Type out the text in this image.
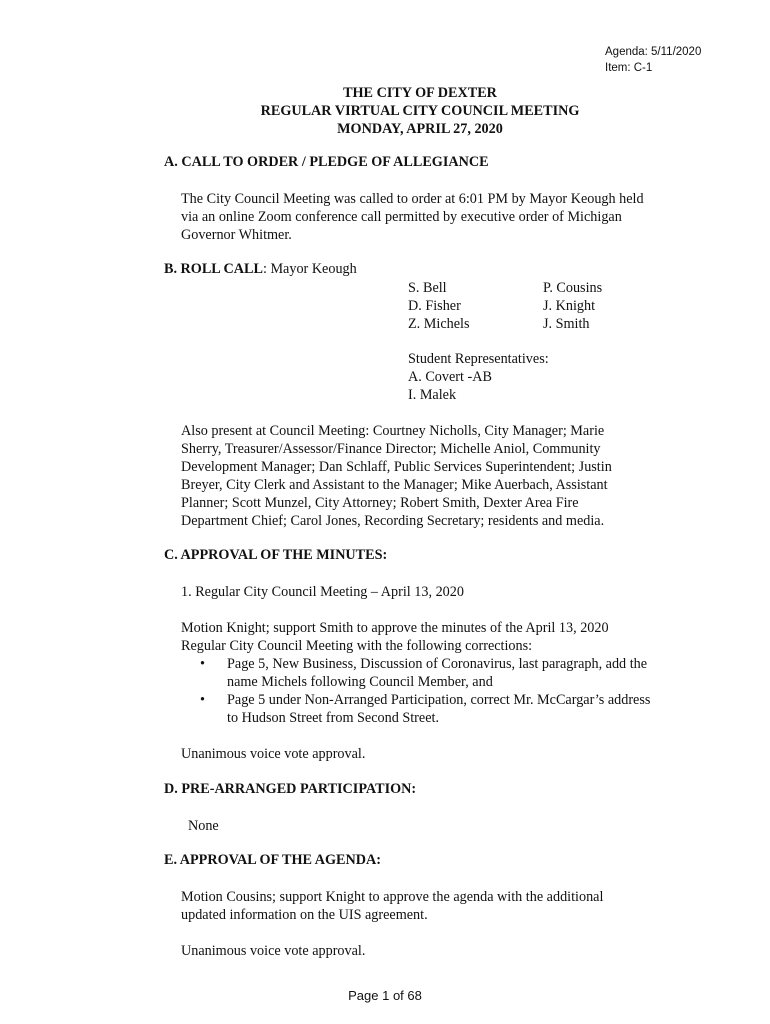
Agenda: 5/11/2020
Item: C-1
THE CITY OF DEXTER
REGULAR VIRTUAL CITY COUNCIL MEETING
MONDAY, APRIL 27, 2020
A. CALL TO ORDER / PLEDGE OF ALLEGIANCE
The City Council Meeting was called to order at 6:01 PM by Mayor Keough held
via an online Zoom conference call permitted by executive order of Michigan
Governor Whitmer.
B. ROLL CALL: Mayor Keough
S. Bell
D. Fisher
Z. Michels
P. Cousins
J. Knight
J. Smith
Student Representatives:
A. Covert -AB
I. Malek
Also present at Council Meeting: Courtney Nicholls, City Manager; Marie
Sherry, Treasurer/Assessor/Finance Director; Michelle Aniol, Community
Development Manager; Dan Schlaff, Public Services Superintendent; Justin
Breyer, City Clerk and Assistant to the Manager; Mike Auerbach, Assistant
Planner; Scott Munzel, City Attorney; Robert Smith, Dexter Area Fire
Department Chief; Carol Jones, Recording Secretary; residents and media.
C. APPROVAL OF THE MINUTES:
1. Regular City Council Meeting – April 13, 2020
Motion Knight; support Smith to approve the minutes of the April 13, 2020
Regular City Council Meeting with the following corrections:
• Page 5, New Business, Discussion of Coronavirus, last paragraph, add the
name Michels following Council Member, and
• Page 5 under Non-Arranged Participation, correct Mr. McCargar’s address
to Hudson Street from Second Street.
Unanimous voice vote approval.
D. PRE-ARRANGED PARTICIPATION:
None
E. APPROVAL OF THE AGENDA:
Motion Cousins; support Knight to approve the agenda with the additional
updated information on the UIS agreement.
Unanimous voice vote approval.
Page 1 of 68
